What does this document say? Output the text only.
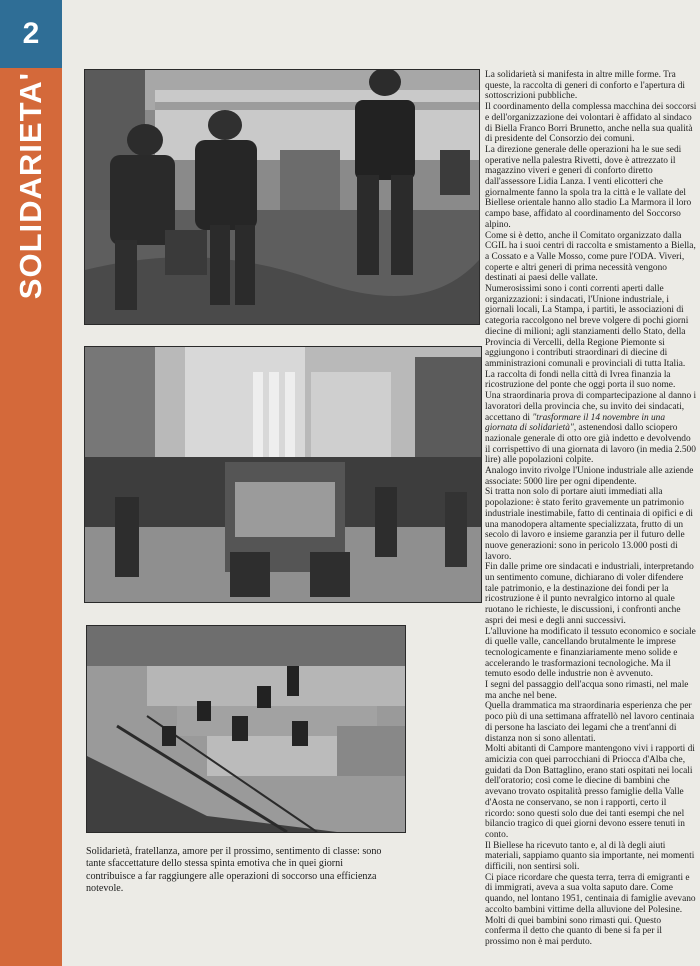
2
SOLIDARIETA'
Solidarietà, fratellanza, amore per il prossimo, sentimento di classe: sono tante sfaccettature dello stessa spinta emotiva che in quei giorni contribuisce a far raggiungere alle operazioni di soccorso una efficienza notevole.

La solidarietà si manifesta in altre mille forme. Tra queste, la raccolta di generi di conforto e l'apertura di sottoscrizioni pubbliche.

Il coordinamento della complessa macchina dei soccorsi e dell'organizzazione dei volontari è affidato al sindaco di Biella Franco Borri Brunetto, anche nella sua qualità di presidente del Consorzio dei comuni.

La direzione generale delle operazioni ha le sue sedi operative nella palestra Rivetti, dove è attrezzato il magazzino viveri e generi di conforto diretto dall'assessore Lidia Lanza. I venti elicotteri che giornalmente fanno la spola tra la città e le vallate del Biellese orientale hanno allo stadio La Marmora il loro campo base, affidato al coordinamento del Soccorso alpino.

Come si è detto, anche il Comitato organizzato dalla CGIL ha i suoi centri di raccolta e smistamento a Biella, a Cossato e a Valle Mosso, come pure l'ODA. Viveri, coperte e altri generi di prima necessità vengono destinati ai paesi delle vallate.

Numerosissimi sono i conti correnti aperti dalle organizzazioni: i sindacati, l'Unione industriale, i giornali locali, La Stampa, i partiti, le associazioni di categoria raccolgono nel breve volgere di pochi giorni diecine di milioni; agli stanziamenti dello Stato, della Provincia di Vercelli, della Regione Piemonte si aggiungono i contributi straordinari di diecine di amministrazioni comunali e provinciali di tutta Italia.

La raccolta di fondi nella città di Ivrea finanzia la ricostruzione del ponte che oggi porta il suo nome.

Una straordinaria prova di compartecipazione al danno i lavoratori della provincia che, su invito dei sindacati, accettano di "trasformare il 14 novembre in una giornata di solidarietà", astenendosi dallo sciopero nazionale generale di otto ore già indetto e devolvendo il corrispettivo di una giornata di lavoro (in media 2.500 lire) alle popolazioni colpite.

Analogo invito rivolge l'Unione industriale alle aziende associate: 5000 lire per ogni dipendente.

Si tratta non solo di portare aiuti immediati alla popolazione: è stato ferito gravemente un patrimonio industriale inestimabile, fatto di centinaia di opifici e di una manodopera altamente specializzata, frutto di un secolo di lavoro e insieme garanzia per il futuro delle nuove generazioni: sono in pericolo 13.000 posti di lavoro.

Fin dalle prime ore sindacati e industriali, interpretando un sentimento comune, dichiarano di voler difendere tale patrimonio, e la destinazione dei fondi per la ricostruzione è il punto nevralgico intorno al quale ruotano le richieste, le discussioni, i confronti anche aspri dei mesi e degli anni successivi.

L'alluvione ha modificato il tessuto economico e sociale di quelle valle, cancellando brutalmente le imprese tecnologicamente e finanziariamente meno solide e accelerando le trasformazioni tecnologiche. Ma il temuto esodo delle industrie non è avvenuto.

I segni del passaggio dell'acqua sono rimasti, nel male ma anche nel bene.

Quella drammatica ma straordinaria esperienza che per poco più di una settimana affratellò nel lavoro centinaia di persone ha lasciato dei legami che a trent'anni di distanza non si sono allentati.

Molti abitanti di Campore mantengono vivi i rapporti di amicizia con quei parrocchiani di Priocca d'Alba che, guidati da Don Battaglino, erano stati ospitati nei locali dell'oratorio; così come le diecine di bambini che avevano trovato ospitalità presso famiglie della Valle d'Aosta ne conservano, se non i rapporti, certo il ricordo: sono questi solo due dei tanti esempi che nel bilancio tragico di quei giorni devono essere tenuti in conto.

Il Biellese ha ricevuto tanto e, al di là degli aiuti materiali, sappiamo quanto sia importante, nei momenti difficili, non sentirsi soli.

Ci piace ricordare che questa terra, terra di emigranti e di immigrati, aveva a sua volta saputo dare. Come quando, nel lontano 1951, centinaia di famiglie avevano accolto bambini vittime della alluvione del Polesine. Molti di quei bambini sono rimasti qui. Questo conferma il detto che quanto di bene si fa per il prossimo non è mai perduto.
